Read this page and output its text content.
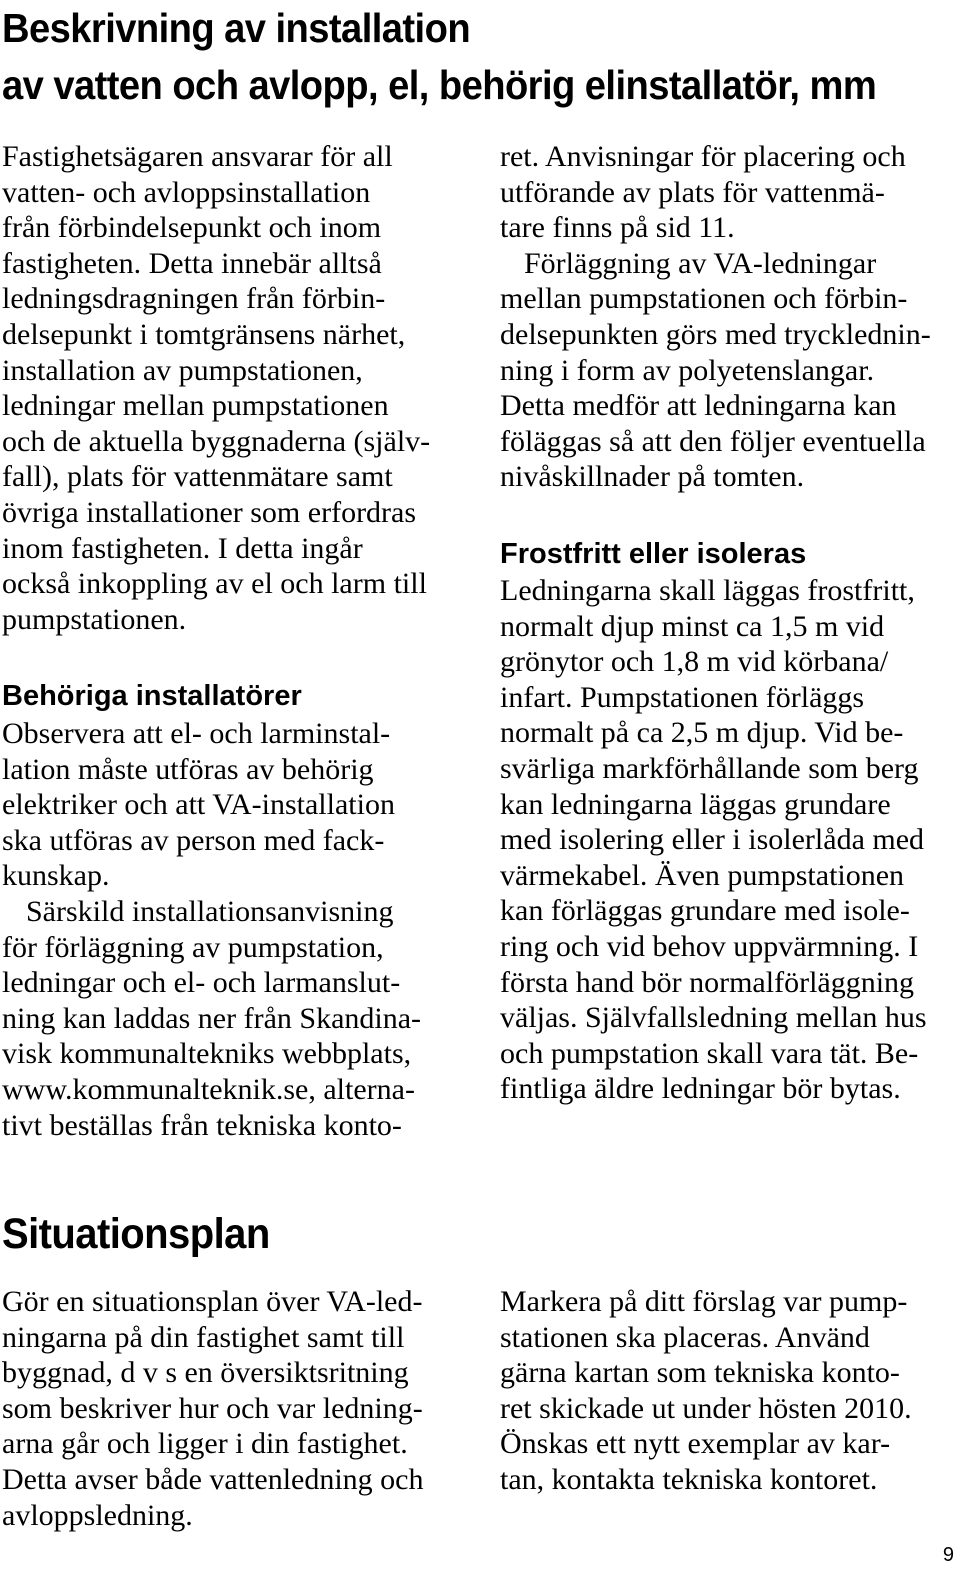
Beskrivning av installation
av vatten och avlopp, el, behörig elinstallatör, mm

Fastighetsägaren ansvarar för all
vatten- och avloppsinstallation
från förbindelsepunkt och inom
fastigheten. Detta innebär alltså
ledningsdragningen från förbin-
delsepunkt i tomtgränsens närhet,
installation av pumpstationen,
ledningar mellan pumpstationen
och de aktuella byggnaderna (själv-
fall), plats för vattenmätare samt
övriga installationer som erfordras
inom fastigheten. I detta ingår
också inkoppling av el och larm till
pumpstationen.

Behöriga installatörer

Observera att el- och larminstal-
lation måste utföras av behörig
elektriker och att VA-installation
ska utföras av person med fack-
kunskap.

Särskild installationsanvisning
för förläggning av pumpstation,
ledningar och el- och larmanslut-
ning kan laddas ner från Skandina-
visk kommunaltekniks webbplats,
www.kommunalteknik.se, alterna-
tivt beställas från tekniska konto-

ret. Anvisningar för placering och
utförande av plats för vattenmä-
tare finns på sid 11.

Förläggning av VA-ledningar
mellan pumpstationen och förbin-
delsepunkten görs med trycklednin-
ning i form av polyetenslangar.
Detta medför att ledningarna kan
föläggas så att den följer eventuella
nivåskillnader på tomten.

Frostfritt eller isoleras

Ledningarna skall läggas frostfritt,
normalt djup minst ca 1,5 m vid
grönytor och 1,8 m vid körbana/
infart. Pumpstationen förläggs
normalt på ca 2,5 m djup. Vid be-
svärliga markförhållande som berg
kan ledningarna läggas grundare
med isolering eller i isolerlåda med
värmekabel. Även pumpstationen
kan förläggas grundare med isole-
ring och vid behov uppvärmning. I
första hand bör normalförläggning
väljas. Självfallsledning mellan hus
och pumpstation skall vara tät. Be-
fintliga äldre ledningar bör bytas.

Situationsplan

Gör en situationsplan över VA-led-
ningarna på din fastighet samt till
byggnad, d v s en översiktsritning
som beskriver hur och var ledning-
arna går och ligger i din fastighet.
Detta avser både vattenledning och
avloppsledning.

Markera på ditt förslag var pump-
stationen ska placeras. Använd
gärna kartan som tekniska konto-
ret skickade ut under hösten 2010.
Önskas ett nytt exemplar av kar-
tan, kontakta tekniska kontoret.

9
